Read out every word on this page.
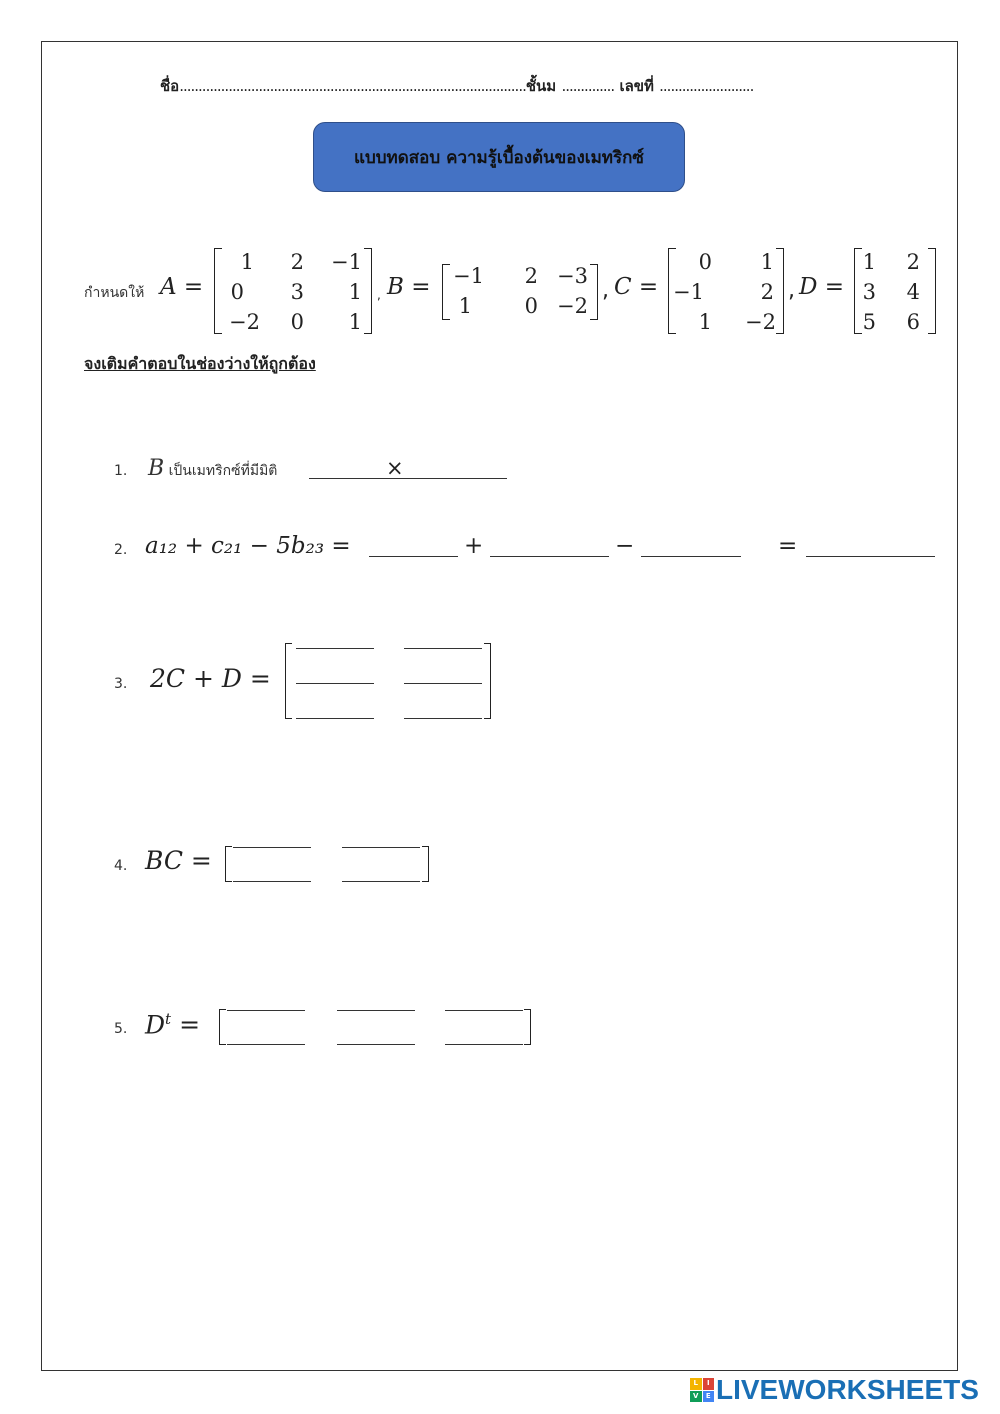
ชื่อ............................................................................................ชั้นม .............. เลขที่ .........................
แบบทดสอบ ความรู้เบื้องต้นของเมทริกซ์
กำหนดให้ A =
1	2	−1
0	3	1
−2	0	1
, B =	−1	2 −3
1	0 −2
, C =
0	1
−1	2
1	−2
, D =
1	2
3	4
5	6
จงเติมคำตอบในช่องว่างให้ถูกต้อง
1. B เป็นเมทริกซ์ที่มีมิติ	×
2. a₁₂ + c₂₁ − 5b₂₃ =	+	−	=
3. 2C + D =
4. BC =
5. $D^t$ =
L	I
V	E LIVEWORKSHEETS
